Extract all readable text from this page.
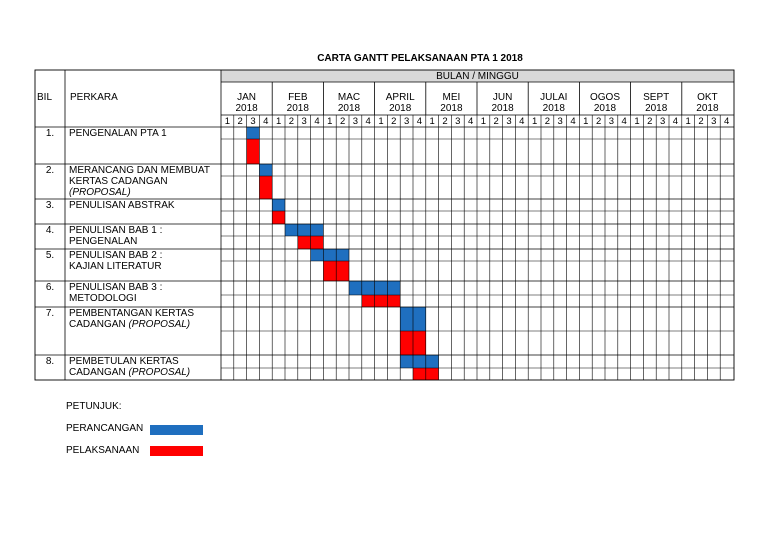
CARTA GANTT PELAKSANAAN PTA 1 2018
BIL PERKARA
BULAN / MINGGU
JAN
2018
1 2 3 4
FEB
2018
1 2 3 4
MAC
2018
1 2 3 4
APRIL
2018
1 2 3 4
MEI
2018
1 2 3 4
JUN
2018
1 2 3 4
JULAI
2018
1 2 3 4
OGOS
2018
1 2 3 4
SEPT
2018
1 2 3 4
OKT
2018
1 2 3 4
1. PENGENALAN PTA 1
2. MERANCANG DAN MEMBUAT
KERTAS CADANGAN
(PROPOSAL)
3. PENULISAN ABSTRAK
4. PENULISAN BAB 1 :
PENGENALAN
5. PENULISAN BAB 2 :
KAJIAN LITERATUR
6. PENULISAN BAB 3 :
METODOLOGI
7. PEMBENTANGAN KERTAS
CADANGAN (PROPOSAL)
8. PEMBETULAN KERTAS
CADANGAN (PROPOSAL)
PETUNJUK:
PERANCANGAN
PELAKSANAAN
